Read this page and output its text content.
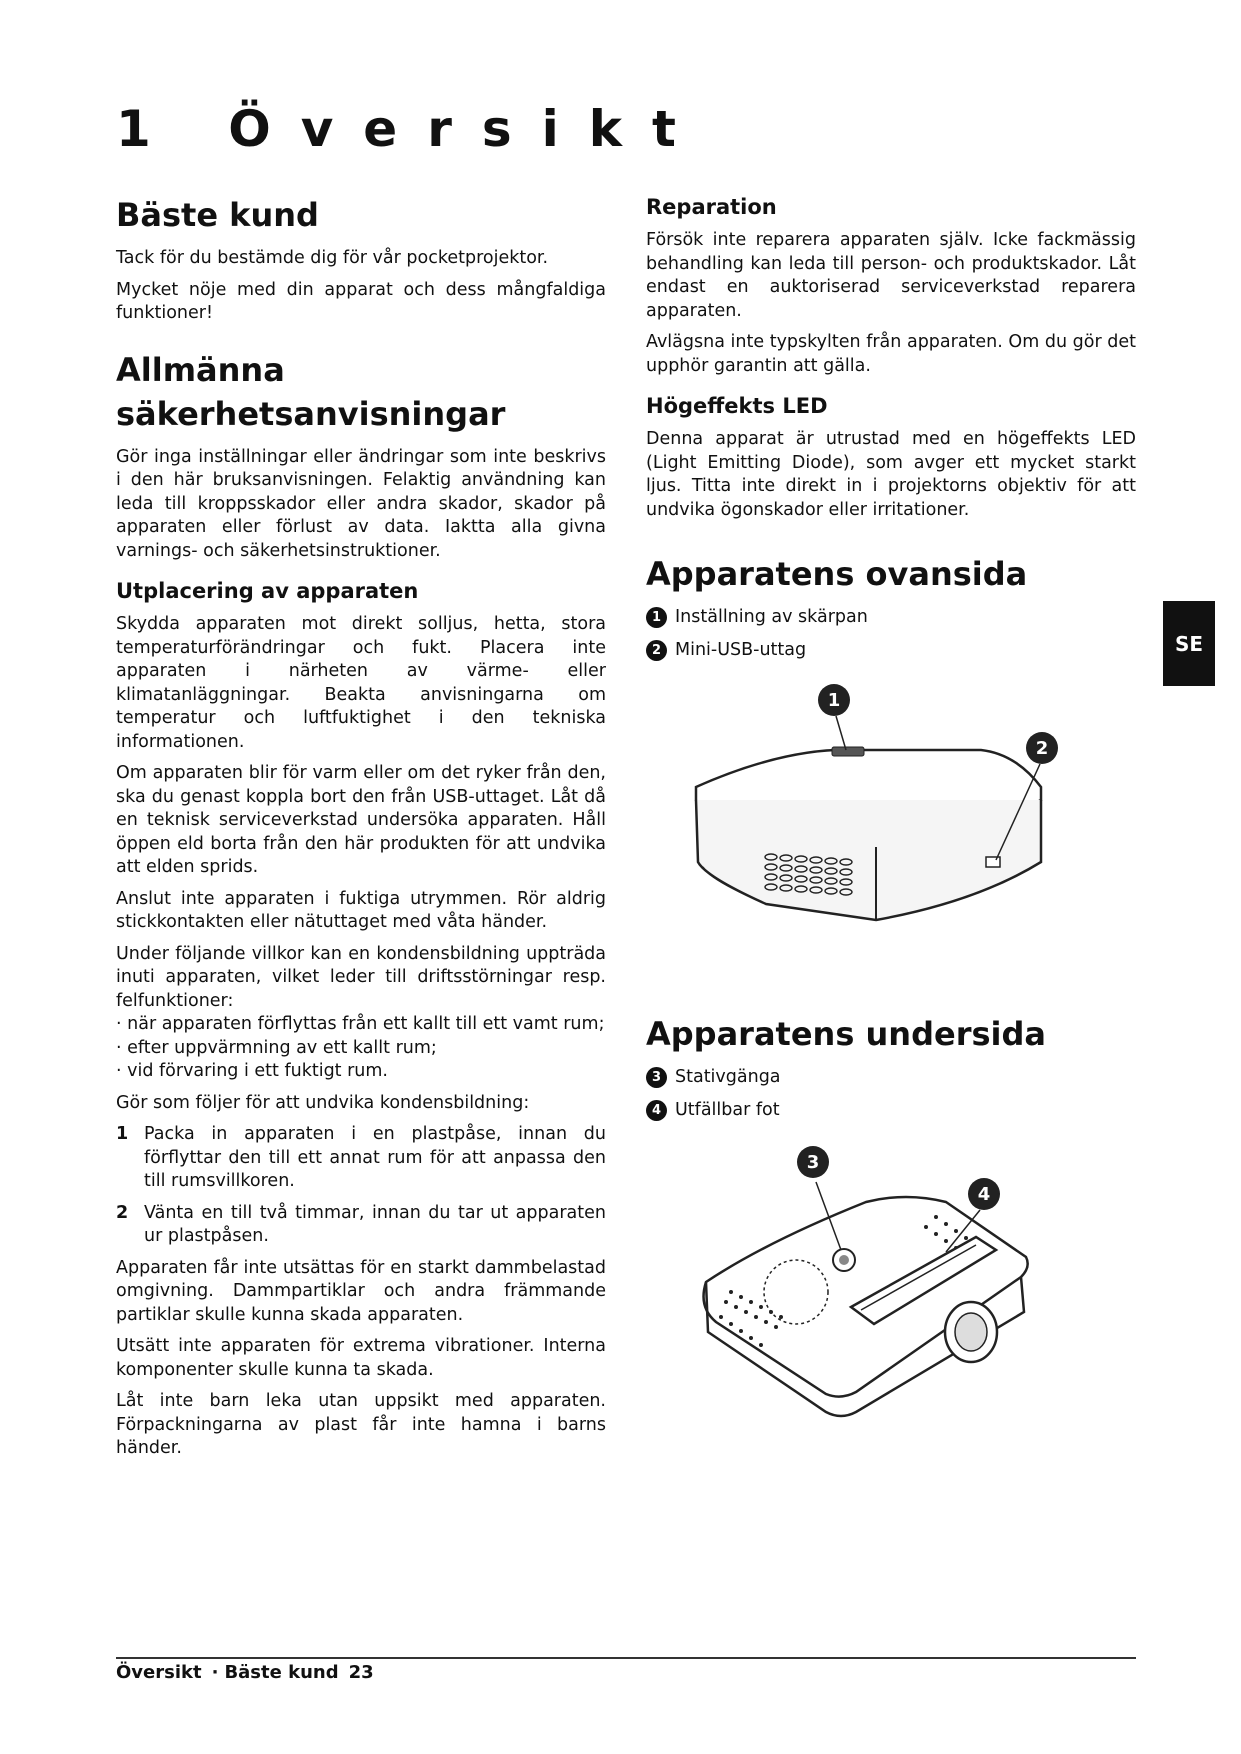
1 Översikt
Bäste kund

Tack för du bestämde dig för vår pocketprojektor.

Mycket nöje med din apparat och dess mångfaldiga funktioner!

Allmänna säkerhetsanvisningar

Gör inga inställningar eller ändringar som inte beskrivs i den här bruksanvisningen. Felaktig användning kan leda till kroppsskador eller andra skador, skador på apparaten eller förlust av data. Iaktta alla givna varnings- och säkerhetsinstruktioner.

Utplacering av apparaten

Skydda apparaten mot direkt solljus, hetta, stora temperaturförändringar och fukt. Placera inte apparaten i närheten av värme- eller klimatanläggningar. Beakta anvisningarna om temperatur och luftfuktighet i den tekniska informationen.

Om apparaten blir för varm eller om det ryker från den, ska du genast koppla bort den från USB-uttaget. Låt då en teknisk serviceverkstad undersöka apparaten. Håll öppen eld borta från den här produkten för att undvika att elden sprids.

Anslut inte apparaten i fuktiga utrymmen. Rör aldrig stickkontakten eller nätuttaget med våta händer.

Under följande villkor kan en kondensbildning uppträda inuti apparaten, vilket leder till driftsstörningar resp. felfunktioner:

· när apparaten förflyttas från ett kallt till ett vamt rum;
· efter uppvärmning av ett kallt rum;
· vid förvaring i ett fuktigt rum.

Gör som följer för att undvika kondensbildning:

1 Packa in apparaten i en plastpåse, innan du förflyttar den till ett annat rum för att anpassa den till rumsvillkoren.
2 Vänta en till två timmar, innan du tar ut apparaten ur plastpåsen.

Apparaten får inte utsättas för en starkt dammbelastad omgivning. Dammpartiklar och andra främmande partiklar skulle kunna skada apparaten.

Utsätt inte apparaten för extrema vibrationer. Interna komponenter skulle kunna ta skada.

Låt inte barn leka utan uppsikt med apparaten. Förpackningarna av plast får inte hamna i barns händer.

Reparation

Försök inte reparera apparaten själv. Icke fackmässig behandling kan leda till person- och produktskador. Låt endast en auktoriserad serviceverkstad reparera apparaten.

Avlägsna inte typskylten från apparaten. Om du gör det upphör garantin att gälla.

Högeffekts LED

Denna apparat är utrustad med en högeffekts LED (Light Emitting Diode), som avger ett mycket starkt ljus. Titta inte direkt in i projektorns objektiv för att undvika ögonskador eller irritationer.

Apparatens ovansida
1 Inställning av skärpan
2 Mini-USB-uttag
1
2
Apparatens undersida
3 Stativgänga
4 Utfällbar fot
3
4
SE
Översikt · Bäste kund 23
